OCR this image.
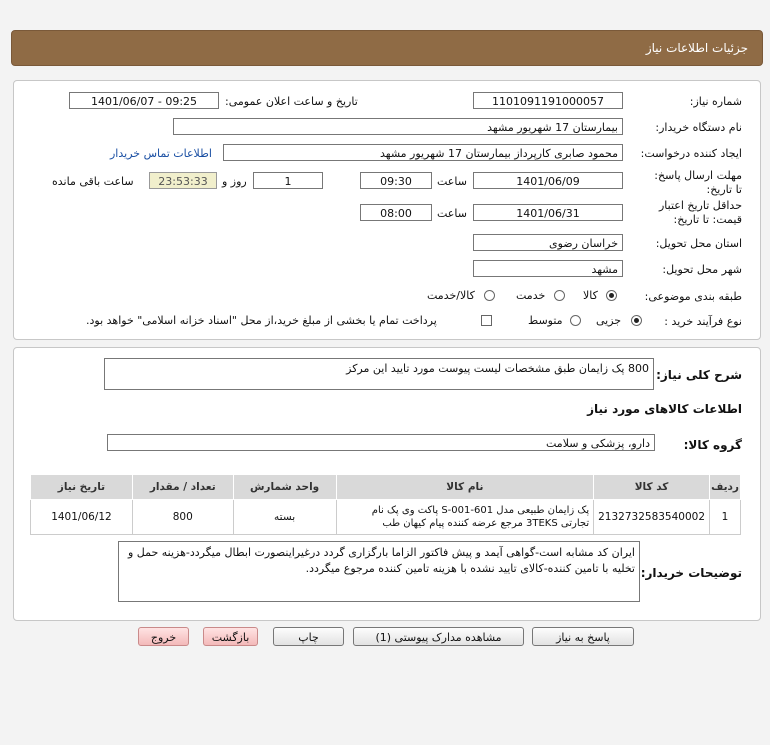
جزئیات اطلاعات نیاز
شماره نیاز:
1101091191000057
تاریخ و ساعت اعلان عمومی:
1401/06/07 - 09:25
نام دستگاه خریدار:
بیمارستان 17 شهریور مشهد
ایجاد کننده درخواست:
محمود صابری کارپرداز بیمارستان 17 شهریور مشهد
اطلاعات تماس خریدار
مهلت ارسال پاسخ: تا تاریخ:
1401/06/09
ساعت
09:30
1
روز و
23:53:33
ساعت باقی مانده
حداقل تاریخ اعتبار قیمت: تا تاریخ:
1401/06/31
ساعت
08:00
استان محل تحویل:
خراسان رضوی
شهر محل تحویل:
مشهد
طبقه بندی موضوعی:
کالا
خدمت
کالا/خدمت
نوع فرآیند خرید :
جزیی
متوسط
پرداخت تمام یا بخشی از مبلغ خرید،از محل "اسناد خزانه اسلامی" خواهد بود.
شرح کلی نیاز:
800 پک زایمان طبق مشخصات لیست پیوست مورد تایید این مرکز
اطلاعات کالاهای مورد نیاز
گروه کالا:
دارو، پزشکی و سلامت
ردیف	کد کالا	نام کالا	واحد شمارش	تعداد / مقدار	تاریخ نیاز
1	2132732583540002	پک زایمان طبیعی مدل S-001-601 پاکت وی پک نام تجارتی 3TEKS مرجع عرضه کننده پیام کیهان طب	بسته	800	1401/06/12
توضیحات خریدار:
ایران کد مشابه است-گواهی آیمد و پیش فاکتور الزاما بارگزاری گردد درغیراینصورت ابطال میگردد-هزینه حمل و تخلیه با تامین کننده-کالای تایید نشده با هزینه تامین کننده مرجوع میگردد.
پاسخ به نیاز
مشاهده مدارک پیوستی (1)
چاپ
بازگشت
خروج
